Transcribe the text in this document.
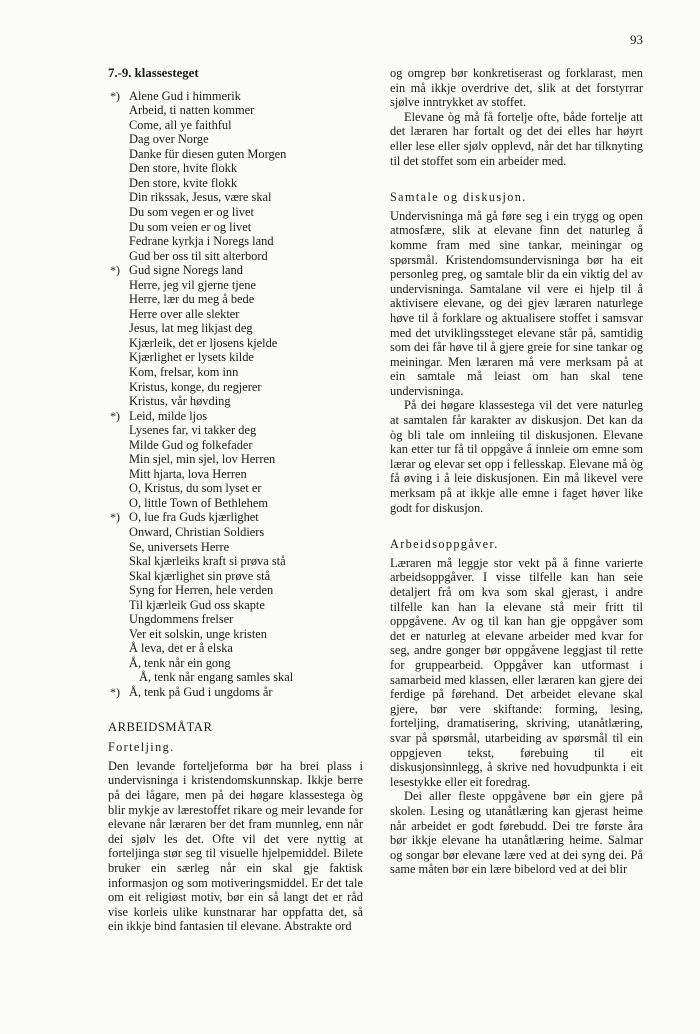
93
7.-9. klassesteget
*) Alene Gud i himmerik
Arbeid, ti natten kommer
Come, all ye faithful
Dag over Norge
Danke für diesen guten Morgen
Den store, hvite flokk
Den store, kvite flokk
Din rikssak, Jesus, være skal
Du som vegen er og livet
Du som veien er og livet
Fedrane kyrkja i Noregs land
Gud ber oss til sitt alterbord
*) Gud signe Noregs land
Herre, jeg vil gjerne tjene
Herre, lær du meg å bede
Herre over alle slekter
Jesus, lat meg likjast deg
Kjærleik, det er ljosens kjelde
Kjærlighet er lysets kilde
Kom, frelsar, kom inn
Kristus, konge, du regjerer
Kristus, vår høvding
*) Leid, milde ljos
Lysenes far, vi takker deg
Milde Gud og folkefader
Min sjel, min sjel, lov Herren
Mitt hjarta, lova Herren
O, Kristus, du som lyset er
O, little Town of Bethlehem
*) O, lue fra Guds kjærlighet
Onward, Christian Soldiers
Se, universets Herre
Skal kjærleiks kraft si prøva stå
Skal kjærlighet sin prøve stå
Syng for Herren, hele verden
Til kjærleik Gud oss skapte
Ungdommens frelser
Ver eit solskin, unge kristen
Å leva, det er å elska
Å, tenk når ein gong
Å, tenk når engang samles skal
*) Å, tenk på Gud i ungdoms år
ARBEIDSMÅTAR
Forteljing.

Den levande forteljeforma bør ha brei plass i undervisninga i kristendomskunnskap. Ikkje berre på dei lågare, men på dei høgare klassestega òg blir mykje av lærestoffet rikare og meir levande for elevane når læraren ber det fram munnleg, enn når dei sjølv les det. Ofte vil det vere nyttig at forteljinga stør seg til visuelle hjelpemiddel. Bilete bruker ein særleg når ein skal gje faktisk informasjon og som motiveringsmiddel. Er det tale om eit religiøst motiv, bør ein så langt det er råd vise korleis ulike kunstnarar har oppfatta det, så ein ikkje bind fantasien til elevane. Abstrakte ord

og omgrep bør konkretiserast og forklarast, men ein må ikkje overdrive det, slik at det forstyrrar sjølve inntrykket av stoffet.

Elevane òg må få fortelje ofte, både fortelje att det læraren har fortalt og det dei elles har høyrt eller lese eller sjølv opplevd, når det har tilknyting til det stoffet som ein arbeider med.

Samtale og diskusjon.

Undervisninga må gå føre seg i ein trygg og open atmosfære, slik at elevane finn det naturleg å komme fram med sine tankar, meiningar og spørsmål. Kristendomsundervisninga bør ha eit personleg preg, og samtale blir da ein viktig del av undervisninga. Samtalane vil vere ei hjelp til å aktivisere elevane, og dei gjev læraren naturlege høve til å forklare og aktualisere stoffet i samsvar med det utviklingssteget elevane står på, samtidig som dei får høve til å gjere greie for sine tankar og meiningar. Men læraren må vere merksam på at ein samtale må leiast om han skal tene undervisninga.

På dei høgare klassestega vil det vere naturleg at samtalen får karakter av diskusjon. Det kan da òg bli tale om innleiing til diskusjonen. Elevane kan etter tur få til oppgåve å innleie om emne som lærar og elevar set opp i fellesskap. Elevane må òg få øving i å leie diskusjonen. Ein må likevel vere merksam på at ikkje alle emne i faget høver like godt for diskusjon.

Arbeidsoppgåver.

Læraren må leggje stor vekt på å finne varierte arbeidsoppgåver. I visse tilfelle kan han seie detaljert frå om kva som skal gjerast, i andre tilfelle kan han la elevane stå meir fritt til oppgåvene. Av og til kan han gje oppgåver som det er naturleg at elevane arbeider med kvar for seg, andre gonger bør oppgåvene leggjast til rette for gruppearbeid. Oppgåver kan utformast i samarbeid med klassen, eller læraren kan gjere dei ferdige på førehand. Det arbeidet elevane skal gjere, bør vere skiftande: forming, lesing, forteljing, dramatisering, skriving, utanåtlæring, svar på spørsmål, utarbeiding av spørsmål til ein oppgjeven tekst, førebuing til eit diskusjonsinnlegg, å skrive ned hovudpunkta i eit lesestykke eller eit foredrag.

Dei aller fleste oppgåvene bør ein gjere på skolen. Lesing og utanåtlæring kan gjerast heime når arbeidet er godt førebudd. Dei tre første åra bør ikkje elevane ha utanåtlæring heime. Salmar og songar bør elevane lære ved at dei syng dei. På same måten bør ein lære bibelord ved at dei blir
